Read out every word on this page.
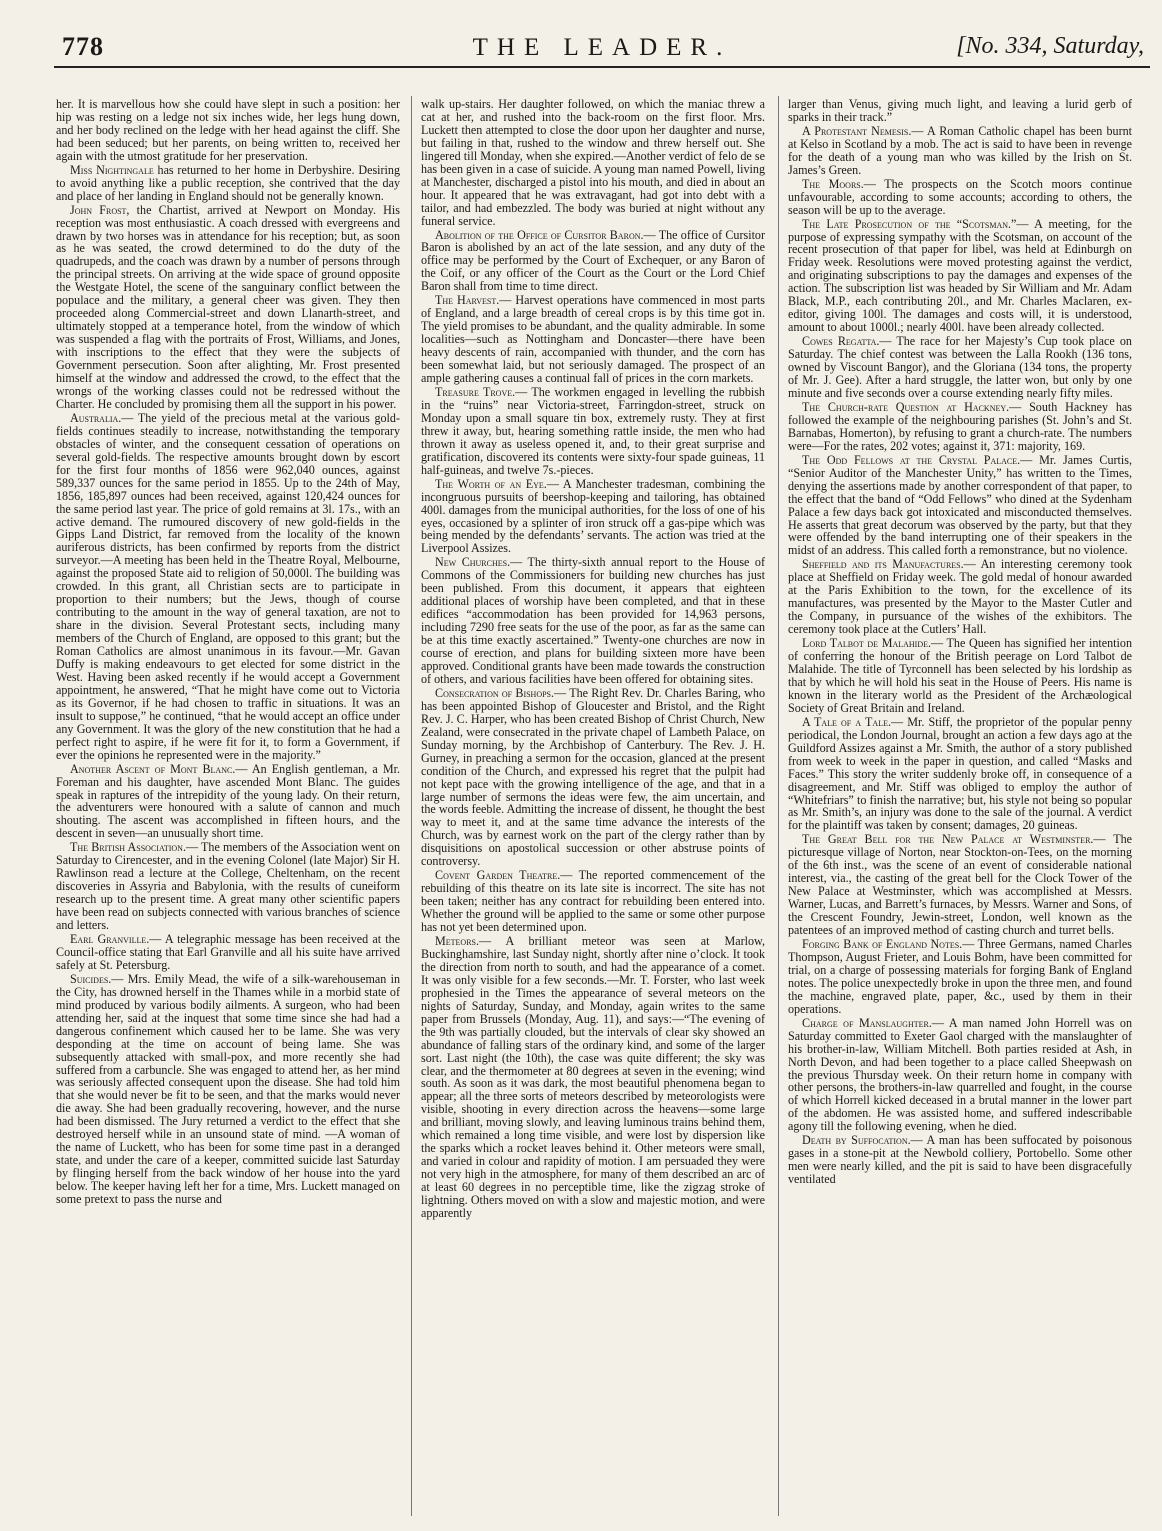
778	THE LEADER.	[No. 334, Saturday,

her. It is marvellous how she could have slept in such a position: her hip was resting on a ledge not six inches wide, her legs hung down, and her body reclined on the ledge with her head against the cliff. She had been seduced; but her parents, on being written to, received her again with the utmost gratitude for her preservation.

Miss Nightingale has returned to her home in Derbyshire. Desiring to avoid anything like a public reception, she contrived that the day and place of her landing in England should not be generally known.

John Frost, the Chartist, arrived at Newport on Monday. His reception was most enthusiastic. A coach dressed with evergreens and drawn by two horses was in attendance for his reception; but, as soon as he was seated, the crowd determined to do the duty of the quadrupeds, and the coach was drawn by a number of persons through the principal streets. On arriving at the wide space of ground opposite the Westgate Hotel, the scene of the sanguinary conflict between the populace and the military, a general cheer was given. They then proceeded along Commercial-street and down Llanarth-street, and ultimately stopped at a temperance hotel, from the window of which was suspended a flag with the portraits of Frost, Williams, and Jones, with inscriptions to the effect that they were the subjects of Government persecution. Soon after alighting, Mr. Frost presented himself at the window and addressed the crowd, to the effect that the wrongs of the working classes could not be redressed without the Charter. He concluded by promising them all the support in his power.

Australia.— The yield of the precious metal at the various gold-fields continues steadily to increase, notwithstanding the temporary obstacles of winter, and the consequent cessation of operations on several gold-fields. The respective amounts brought down by escort for the first four months of 1856 were 962,040 ounces, against 589,337 ounces for the same period in 1855. Up to the 24th of May, 1856, 185,897 ounces had been received, against 120,424 ounces for the same period last year. The price of gold remains at 3l. 17s., with an active demand. The rumoured discovery of new gold-fields in the Gipps Land District, far removed from the locality of the known auriferous districts, has been confirmed by reports from the district surveyor.—A meeting has been held in the Theatre Royal, Melbourne, against the proposed State aid to religion of 50,000l. The building was crowded. In this grant, all Christian sects are to participate in proportion to their numbers; but the Jews, though of course contributing to the amount in the way of general taxation, are not to share in the division. Several Protestant sects, including many members of the Church of England, are opposed to this grant; but the Roman Catholics are almost unanimous in its favour.—Mr. Gavan Duffy is making endeavours to get elected for some district in the West. Having been asked recently if he would accept a Government appointment, he answered, “That he might have come out to Victoria as its Governor, if he had chosen to traffic in situations. It was an insult to suppose,” he continued, “that he would accept an office under any Government. It was the glory of the new constitution that he had a perfect right to aspire, if he were fit for it, to form a Government, if ever the opinions he represented were in the majority.”

Another Ascent of Mont Blanc.— An English gentleman, a Mr. Foreman and his daughter, have ascended Mont Blanc. The guides speak in raptures of the intrepidity of the young lady. On their return, the adventurers were honoured with a salute of cannon and much shouting. The ascent was accomplished in fifteen hours, and the descent in seven—an unusually short time.

The British Association.— The members of the Association went on Saturday to Cirencester, and in the evening Colonel (late Major) Sir H. Rawlinson read a lecture at the College, Cheltenham, on the recent discoveries in Assyria and Babylonia, with the results of cuneiform research up to the present time. A great many other scientific papers have been read on subjects connected with various branches of science and letters.

Earl Granville.— A telegraphic message has been received at the Council-office stating that Earl Granville and all his suite have arrived safely at St. Petersburg.

Suicides.— Mrs. Emily Mead, the wife of a silk-warehouseman in the City, has drowned herself in the Thames while in a morbid state of mind produced by various bodily ailments. A surgeon, who had been attending her, said at the inquest that some time since she had had a dangerous confinement which caused her to be lame. She was very desponding at the time on account of being lame. She was subsequently attacked with small-pox, and more recently she had suffered from a carbuncle. She was engaged to attend her, as her mind was seriously affected consequent upon the disease. She had told him that she would never be fit to be seen, and that the marks would never die away. She had been gradually recovering, however, and the nurse had been dismissed. The Jury returned a verdict to the effect that she destroyed herself while in an unsound state of mind. —A woman of the name of Luckett, who has been for some time past in a deranged state, and under the care of a keeper, committed suicide last Saturday by flinging herself from the back window of her house into the yard below. The keeper having left her for a time, Mrs. Luckett managed on some pretext to pass the nurse and

walk up-stairs. Her daughter followed, on which the maniac threw a cat at her, and rushed into the back-room on the first floor. Mrs. Luckett then attempted to close the door upon her daughter and nurse, but failing in that, rushed to the window and threw herself out. She lingered till Monday, when she expired.—Another verdict of felo de se has been given in a case of suicide. A young man named Powell, living at Manchester, discharged a pistol into his mouth, and died in about an hour. It appeared that he was extravagant, had got into debt with a tailor, and had embezzled. The body was buried at night without any funeral service.

Abolition of the Office of Cursitor Baron.— The office of Cursitor Baron is abolished by an act of the late session, and any duty of the office may be performed by the Court of Exchequer, or any Baron of the Coif, or any officer of the Court as the Court or the Lord Chief Baron shall from time to time direct.

The Harvest.— Harvest operations have commenced in most parts of England, and a large breadth of cereal crops is by this time got in. The yield promises to be abundant, and the quality admirable. In some localities—such as Nottingham and Doncaster—there have been heavy descents of rain, accompanied with thunder, and the corn has been somewhat laid, but not seriously damaged. The prospect of an ample gathering causes a continual fall of prices in the corn markets.

Treasure Trove.— The workmen engaged in levelling the rubbish in the “ruins” near Victoria-street, Farringdon-street, struck on Monday upon a small square tin box, extremely rusty. They at first threw it away, but, hearing something rattle inside, the men who had thrown it away as useless opened it, and, to their great surprise and gratification, discovered its contents were sixty-four spade guineas, 11 half-guineas, and twelve 7s.-pieces.

The Worth of an Eye.— A Manchester tradesman, combining the incongruous pursuits of beershop-keeping and tailoring, has obtained 400l. damages from the municipal authorities, for the loss of one of his eyes, occasioned by a splinter of iron struck off a gas-pipe which was being mended by the defendants’ servants. The action was tried at the Liverpool Assizes.

New Churches.— The thirty-sixth annual report to the House of Commons of the Commissioners for building new churches has just been published. From this document, it appears that eighteen additional places of worship have been completed, and that in these edifices “accommodation has been provided for 14,963 persons, including 7290 free seats for the use of the poor, as far as the same can be at this time exactly ascertained.” Twenty-one churches are now in course of erection, and plans for building sixteen more have been approved. Conditional grants have been made towards the construction of others, and various facilities have been offered for obtaining sites.

Consecration of Bishops.— The Right Rev. Dr. Charles Baring, who has been appointed Bishop of Gloucester and Bristol, and the Right Rev. J. C. Harper, who has been created Bishop of Christ Church, New Zealand, were consecrated in the private chapel of Lambeth Palace, on Sunday morning, by the Archbishop of Canterbury. The Rev. J. H. Gurney, in preaching a sermon for the occasion, glanced at the present condition of the Church, and expressed his regret that the pulpit had not kept pace with the growing intelligence of the age, and that in a large number of sermons the ideas were few, the aim uncertain, and the words feeble. Admitting the increase of dissent, he thought the best way to meet it, and at the same time advance the interests of the Church, was by earnest work on the part of the clergy rather than by disquisitions on apostolical succession or other abstruse points of controversy.

Covent Garden Theatre.— The reported commencement of the rebuilding of this theatre on its late site is incorrect. The site has not been taken; neither has any contract for rebuilding been entered into. Whether the ground will be applied to the same or some other purpose has not yet been determined upon.

Meteors.— A brilliant meteor was seen at Marlow, Buckinghamshire, last Sunday night, shortly after nine o’clock. It took the direction from north to south, and had the appearance of a comet. It was only visible for a few seconds.—Mr. T. Forster, who last week prophesied in the Times the appearance of several meteors on the nights of Saturday, Sunday, and Monday, again writes to the same paper from Brussels (Monday, Aug. 11), and says:—“The evening of the 9th was partially clouded, but the intervals of clear sky showed an abundance of falling stars of the ordinary kind, and some of the larger sort. Last night (the 10th), the case was quite different; the sky was clear, and the thermometer at 80 degrees at seven in the evening; wind south. As soon as it was dark, the most beautiful phenomena began to appear; all the three sorts of meteors described by meteorologists were visible, shooting in every direction across the heavens—some large and brilliant, moving slowly, and leaving luminous trains behind them, which remained a long time visible, and were lost by dispersion like the sparks which a rocket leaves behind it. Other meteors were small, and varied in colour and rapidity of motion. I am persuaded they were not very high in the atmosphere, for many of them described an arc of at least 60 degrees in no perceptible time, like the zigzag stroke of lightning. Others moved on with a slow and majestic motion, and were apparently

larger than Venus, giving much light, and leaving a lurid gerb of sparks in their track.”

A Protestant Nemesis.— A Roman Catholic chapel has been burnt at Kelso in Scotland by a mob. The act is said to have been in revenge for the death of a young man who was killed by the Irish on St. James’s Green.

The Moors.— The prospects on the Scotch moors continue unfavourable, according to some accounts; according to others, the season will be up to the average.

The Late Prosecution of the “Scotsman.”— A meeting, for the purpose of expressing sympathy with the Scotsman, on account of the recent prosecution of that paper for libel, was held at Edinburgh on Friday week. Resolutions were moved protesting against the verdict, and originating subscriptions to pay the damages and expenses of the action. The subscription list was headed by Sir William and Mr. Adam Black, M.P., each contributing 20l., and Mr. Charles Maclaren, ex-editor, giving 100l. The damages and costs will, it is understood, amount to about 1000l.; nearly 400l. have been already collected.

Cowes Regatta.— The race for her Majesty’s Cup took place on Saturday. The chief contest was between the Lalla Rookh (136 tons, owned by Viscount Bangor), and the Gloriana (134 tons, the property of Mr. J. Gee). After a hard struggle, the latter won, but only by one minute and five seconds over a course extending nearly fifty miles.

The Church-rate Question at Hackney.— South Hackney has followed the example of the neighbouring parishes (St. John’s and St. Barnabas, Homerton), by refusing to grant a church-rate. The numbers were—For the rates, 202 votes; against it, 371: majority, 169.

The Odd Fellows at the Crystal Palace.— Mr. James Curtis, “Senior Auditor of the Manchester Unity,” has written to the Times, denying the assertions made by another correspondent of that paper, to the effect that the band of “Odd Fellows” who dined at the Sydenham Palace a few days back got intoxicated and misconducted themselves. He asserts that great decorum was observed by the party, but that they were offended by the band interrupting one of their speakers in the midst of an address. This called forth a remonstrance, but no violence.

Sheffield and its Manufactures.— An interesting ceremony took place at Sheffield on Friday week. The gold medal of honour awarded at the Paris Exhibition to the town, for the excellence of its manufactures, was presented by the Mayor to the Master Cutler and the Company, in pursuance of the wishes of the exhibitors. The ceremony took place at the Cutlers’ Hall.

Lord Talbot de Malahide.— The Queen has signified her intention of conferring the honour of the British peerage on Lord Talbot de Malahide. The title of Tyrconnell has been selected by his lordship as that by which he will hold his seat in the House of Peers. His name is known in the literary world as the President of the Archæological Society of Great Britain and Ireland.

A Tale of a Tale.— Mr. Stiff, the proprietor of the popular penny periodical, the London Journal, brought an action a few days ago at the Guildford Assizes against a Mr. Smith, the author of a story published from week to week in the paper in question, and called “Masks and Faces.” This story the writer suddenly broke off, in consequence of a disagreement, and Mr. Stiff was obliged to employ the author of “Whitefriars” to finish the narrative; but, his style not being so popular as Mr. Smith’s, an injury was done to the sale of the journal. A verdict for the plaintiff was taken by consent; damages, 20 guineas.

The Great Bell for the New Palace at Westminster.— The picturesque village of Norton, near Stockton-on-Tees, on the morning of the 6th inst., was the scene of an event of considerable national interest, via., the casting of the great bell for the Clock Tower of the New Palace at Westminster, which was accomplished at Messrs. Warner, Lucas, and Barrett’s furnaces, by Messrs. Warner and Sons, of the Crescent Foundry, Jewin-street, London, well known as the patentees of an improved method of casting church and turret bells.

Forging Bank of England Notes.— Three Germans, named Charles Thompson, August Frieter, and Louis Bohm, have been committed for trial, on a charge of possessing materials for forging Bank of England notes. The police unexpectedly broke in upon the three men, and found the machine, engraved plate, paper, &c., used by them in their operations.

Charge of Manslaughter.— A man named John Horrell was on Saturday committed to Exeter Gaol charged with the manslaughter of his brother-in-law, William Mitchell. Both parties resided at Ash, in North Devon, and had been together to a place called Sheepwash on the previous Thursday week. On their return home in company with other persons, the brothers-in-law quarrelled and fought, in the course of which Horrell kicked deceased in a brutal manner in the lower part of the abdomen. He was assisted home, and suffered indescribable agony till the following evening, when he died.

Death by Suffocation.— A man has been suffocated by poisonous gases in a stone-pit at the Newbold colliery, Portobello. Some other men were nearly killed, and the pit is said to have been disgracefully ventilated
